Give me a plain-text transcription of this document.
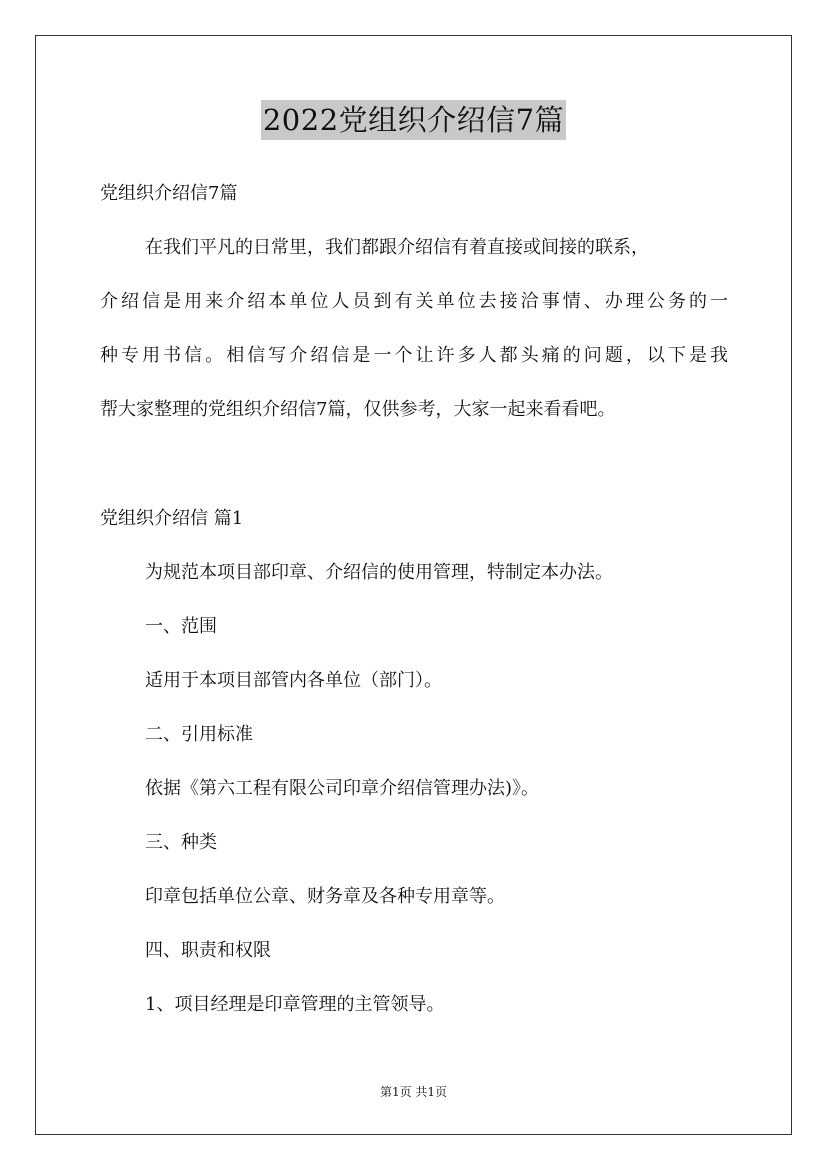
2022党组织介绍信7篇
党组织介绍信7篇
在我们平凡的日常里，我们都跟介绍信有着直接或间接的联系，
介绍信是用来介绍本单位人员到有关单位去接洽事情、办理公务的一
种专用书信。相信写介绍信是一个让许多人都头痛的问题，以下是我
帮大家整理的党组织介绍信7篇，仅供参考，大家一起来看看吧。
党组织介绍信 篇1
为规范本项目部印章、介绍信的使用管理，特制定本办法。
一、范围
适用于本项目部管内各单位（部门）。
二、引用标准
依据《第六工程有限公司印章介绍信管理办法)》。
三、种类
印章包括单位公章、财务章及各种专用章等。
四、职责和权限
1、项目经理是印章管理的主管领导。
第1页 共1页
